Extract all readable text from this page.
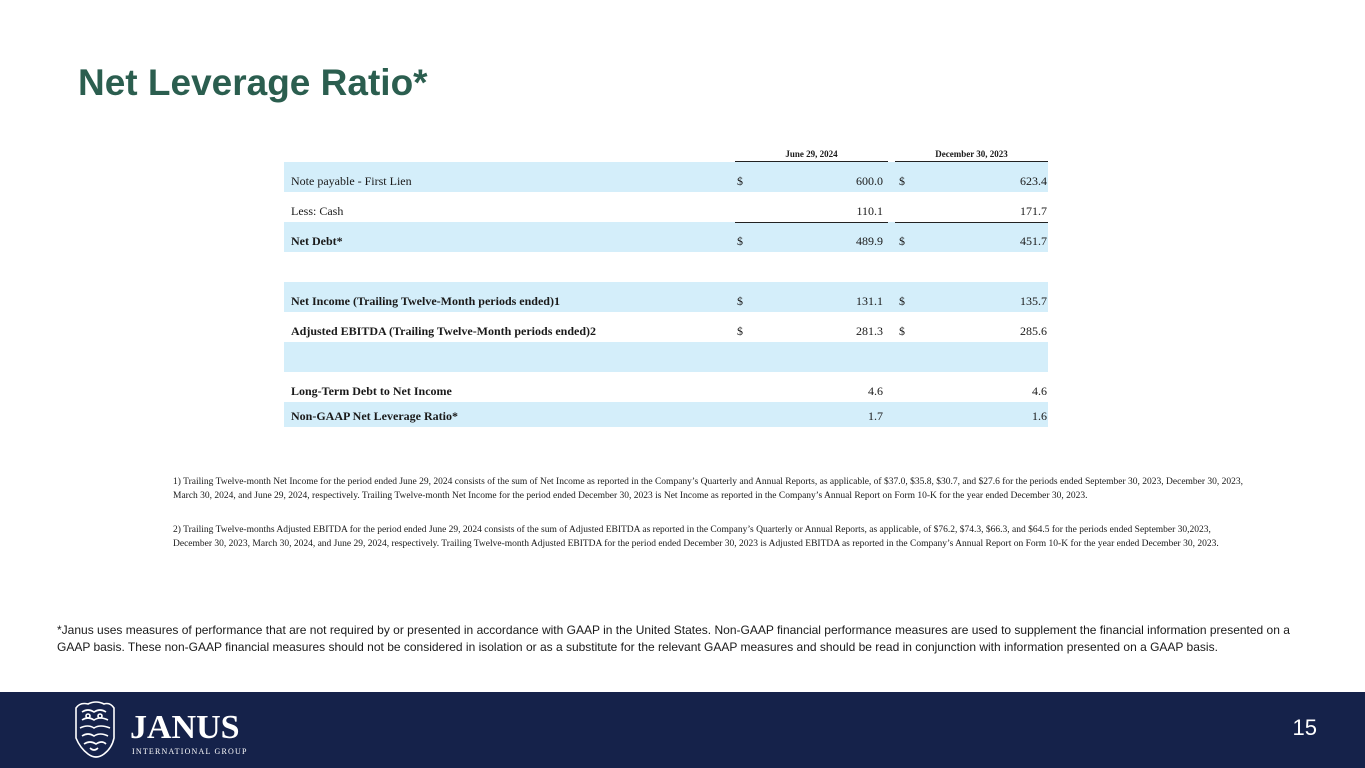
Net Leverage Ratio*
June 29, 2024	December 30, 2023
Note payable - First Lien	$	600.0 $	623.4
Less: Cash	110.1	171.7
Net Debt*	$	489.9 $	451.7
Net Income (Trailing Twelve-Month periods ended)1	$	131.1 $	135.7
Adjusted EBITDA (Trailing Twelve-Month periods ended)2	$	281.3 $	285.6
Long-Term Debt to Net Income	4.6	4.6
Non-GAAP Net Leverage Ratio*	1.7	1.6

1) Trailing Twelve-month Net Income for the period ended June 29, 2024 consists of the sum of Net Income as reported in the Company’s Quarterly and Annual Reports, as applicable, of $37.0, $35.8, $30.7, and $27.6 for the periods ended September 30, 2023, December 30, 2023, March 30, 2024, and June 29, 2024, respectively. Trailing Twelve-month Net Income for the period ended December 30, 2023 is Net Income as reported in the Company’s Annual Report on Form 10-K for the year ended December 30, 2023.

2) Trailing Twelve-months Adjusted EBITDA for the period ended June 29, 2024 consists of the sum of Adjusted EBITDA as reported in the Company’s Quarterly or Annual Reports, as applicable, of $76.2, $74.3, $66.3, and $64.5 for the periods ended September 30,2023, December 30, 2023, March 30, 2024, and June 29, 2024, respectively. Trailing Twelve-month Adjusted EBITDA for the period ended December 30, 2023 is Adjusted EBITDA as reported in the Company’s Annual Report on Form 10-K for the year ended December 30, 2023.

*Janus uses measures of performance that are not required by or presented in accordance with GAAP in the United States. Non-GAAP financial performance measures are used to supplement the financial information presented on a GAAP basis. These non-GAAP financial measures should not be considered in isolation or as a substitute for the relevant GAAP measures and should be read in conjunction with information presented on a GAAP basis.

JANUS
INTERNATIONAL GROUP
15
